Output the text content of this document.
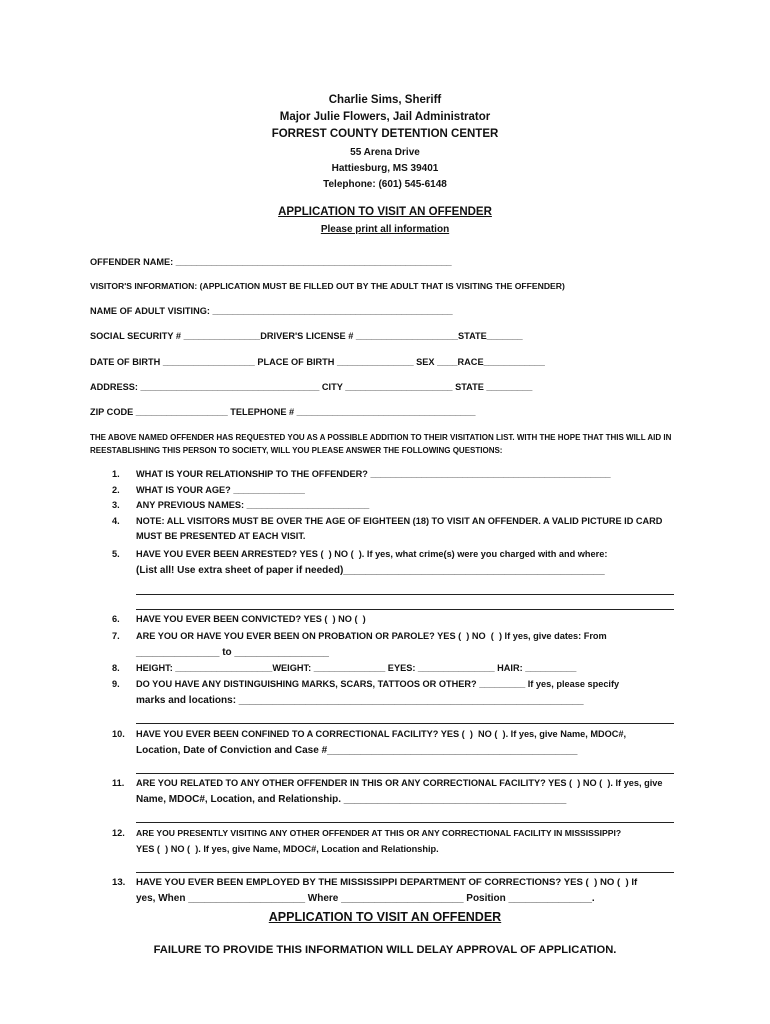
Charlie Sims, Sheriff
Major Julie Flowers, Jail Administrator
FORREST COUNTY DETENTION CENTER
55 Arena Drive
Hattiesburg, MS 39401
Telephone: (601) 545-6148
APPLICATION TO VISIT AN OFFENDER
Please print all information
OFFENDER NAME: ______________________________________________________
VISITOR'S INFORMATION: (APPLICATION MUST BE FILLED OUT BY THE ADULT THAT IS VISITING THE OFFENDER)
NAME OF ADULT VISITING: _______________________________________________
SOCIAL SECURITY # _______________DRIVER'S LICENSE # ____________________STATE_______
DATE OF BIRTH __________________ PLACE OF BIRTH _______________ SEX ____RACE____________
ADDRESS: ___________________________________ CITY _____________________ STATE _________
ZIP CODE __________________ TELEPHONE # ___________________________________
THE ABOVE NAMED OFFENDER HAS REQUESTED YOU AS A POSSIBLE ADDITION TO THEIR VISITATION LIST. WITH THE HOPE THAT THIS WILL AID IN REESTABLISHING THIS PERSON TO SOCIETY, WILL YOU PLEASE ANSWER THE FOLLOWING QUESTIONS:
1. WHAT IS YOUR RELATIONSHIP TO THE OFFENDER? _______________________________________________
2. WHAT IS YOUR AGE? ______________
3. ANY PREVIOUS NAMES: ________________________
4. NOTE: ALL VISITORS MUST BE OVER THE AGE OF EIGHTEEN (18) TO VISIT AN OFFENDER. A VALID PICTURE ID CARD
MUST BE PRESENTED AT EACH VISIT.
5. HAVE YOU EVER BEEN ARRESTED? YES (  ) NO (  ). If yes, what crime(s) were you charged with and where:
(List all! Use extra sheet of paper if needed)_______________________________________________
6. HAVE YOU EVER BEEN CONVICTED? YES (  ) NO (  )
7. ARE YOU OR HAVE YOU EVER BEEN ON PROBATION OR PAROLE? YES (  ) NO  (  ) If yes, give dates: From
_______________ to _________________
8. HEIGHT: ___________________WEIGHT: ______________ EYES: _______________ HAIR: __________
9. DO YOU HAVE ANY DISTINGUISHING MARKS, SCARS, TATTOOS OR OTHER? _________ If yes, please specify
marks and locations: ______________________________________________________________
10. HAVE YOU EVER BEEN CONFINED TO A CORRECTIONAL FACILITY? YES (  )  NO (  ). If yes, give Name, MDOC#,
Location, Date of Conviction and Case #_____________________________________________
11. ARE YOU RELATED TO ANY OTHER OFFENDER IN THIS OR ANY CORRECTIONAL FACILITY? YES (  ) NO (  ). If yes, give
Name, MDOC#, Location, and Relationship. ________________________________________
12. ARE YOU PRESENTLY VISITING ANY OTHER OFFENDER AT THIS OR ANY CORRECTIONAL FACILITY IN MISSISSIPPI?
YES (  ) NO (  ). If yes, give Name, MDOC#, Location and Relationship.
13. HAVE YOU EVER BEEN EMPLOYED BY THE MISSISSIPPI DEPARTMENT OF CORRECTIONS? YES (  ) NO (  ) If
yes, When _____________________ Where ______________________ Position _______________.
APPLICATION TO VISIT AN OFFENDER
FAILURE TO PROVIDE THIS INFORMATION WILL DELAY APPROVAL OF APPLICATION.
